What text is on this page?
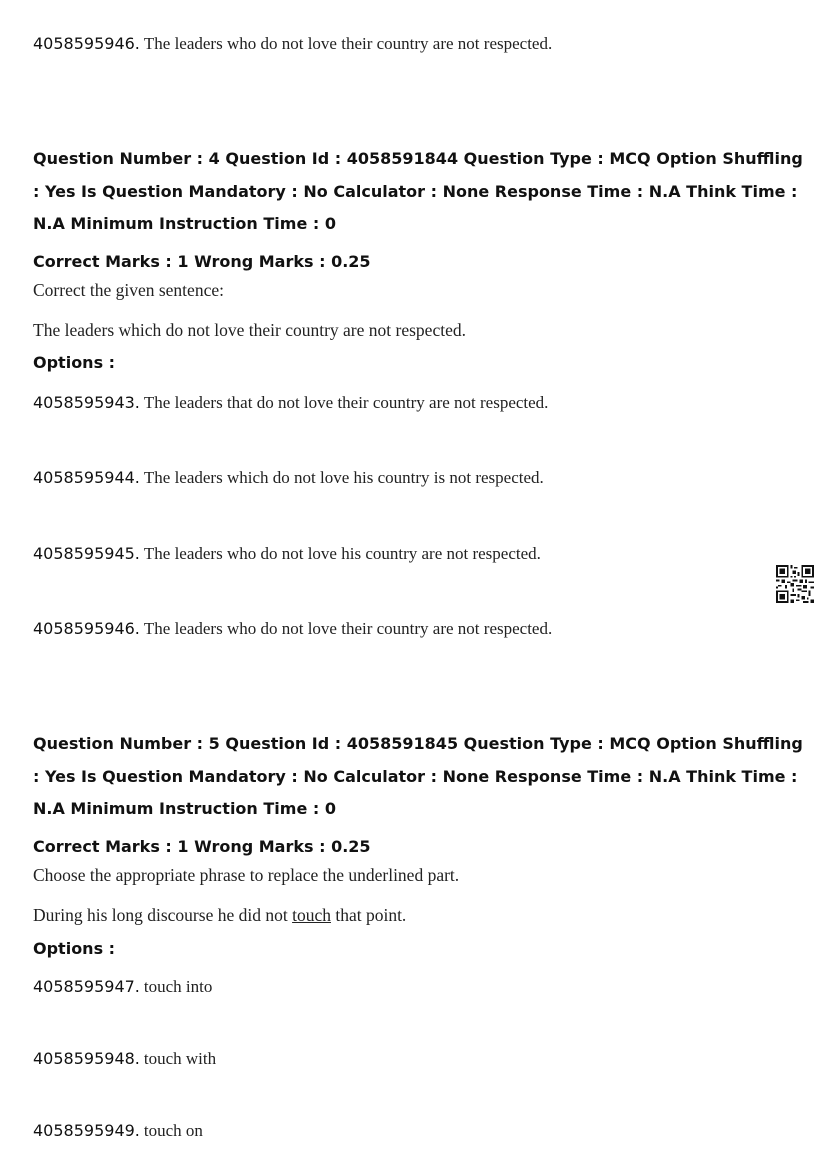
4058595946. The leaders who do not love their country are not respected.
Question Number : 4 Question Id : 4058591844 Question Type : MCQ Option Shuffling : Yes Is Question Mandatory : No Calculator : None Response Time : N.A Think Time : N.A Minimum Instruction Time : 0
Correct Marks : 1 Wrong Marks : 0.25
Correct the given sentence:
The leaders which do not love their country are not respected.
Options :
4058595943. The leaders that do not love their country are not respected.
4058595944. The leaders which do not love his country is not respected.
4058595945. The leaders who do not love his country are not respected.
4058595946. The leaders who do not love their country are not respected.
Question Number : 5 Question Id : 4058591845 Question Type : MCQ Option Shuffling : Yes Is Question Mandatory : No Calculator : None Response Time : N.A Think Time : N.A Minimum Instruction Time : 0
Correct Marks : 1 Wrong Marks : 0.25
Choose the appropriate phrase to replace the underlined part.
During his long discourse he did not touch that point.
Options :
4058595947. touch into
4058595948. touch with
4058595949. touch on
